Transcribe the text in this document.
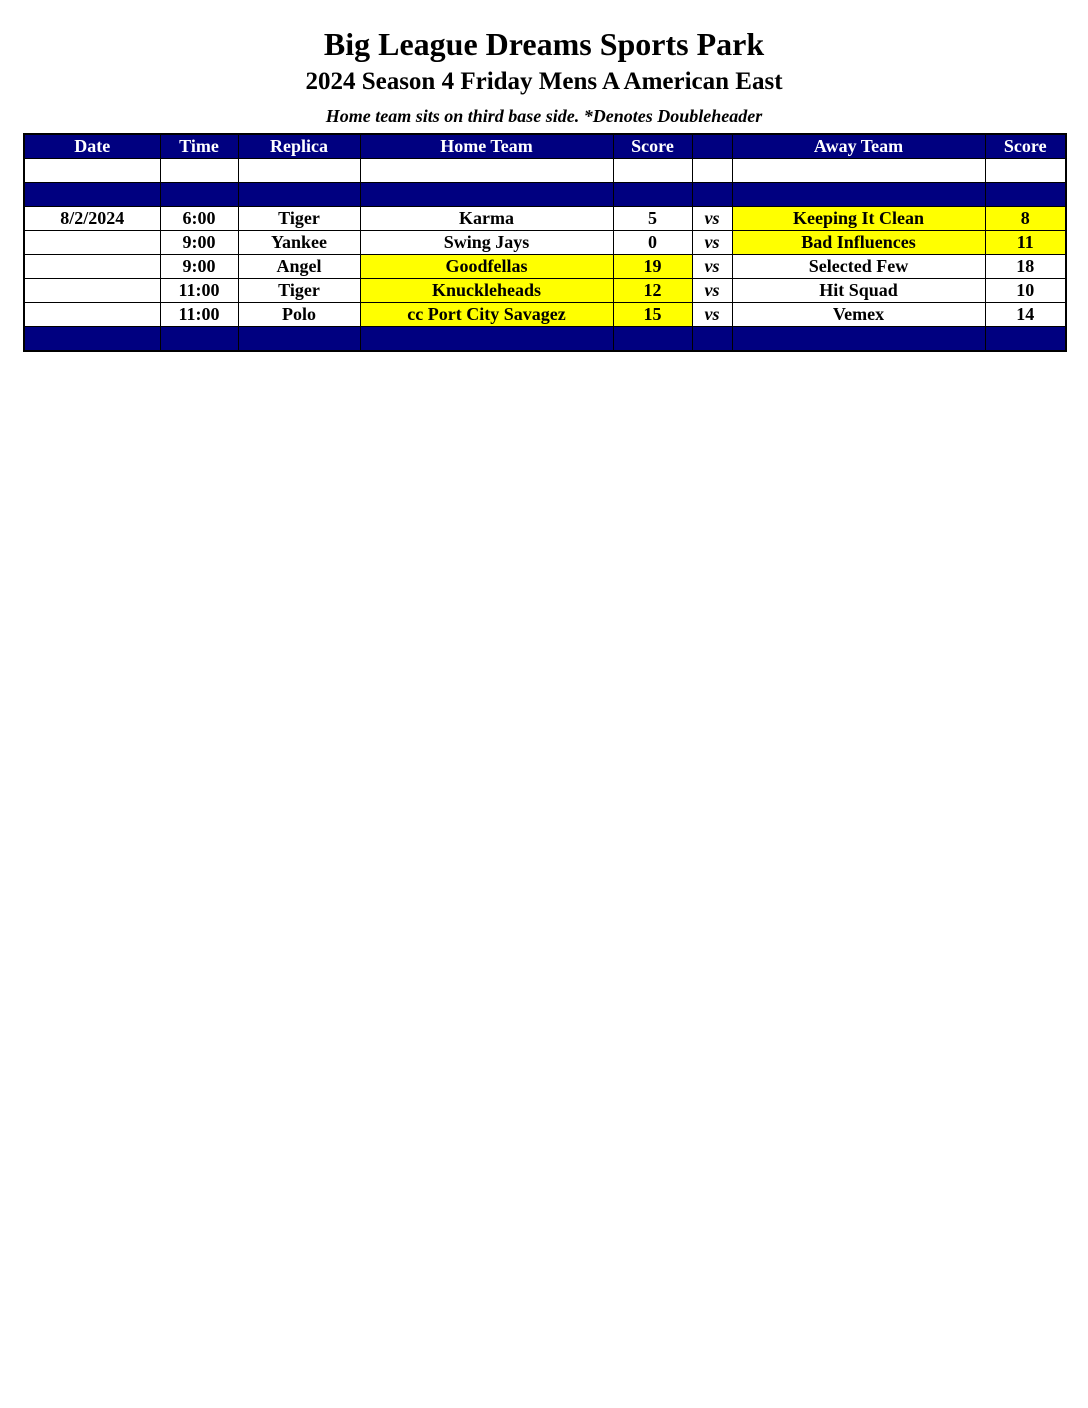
Big League Dreams Sports Park
2024 Season 4 Friday Mens A American East
Home team sits on third base side. *Denotes Doubleheader
Date	Time	Replica	Home Team	Score		Away Team	Score

8/2/2024	6:00	Tiger	Karma	5	vs	Keeping It Clean	8
	9:00	Yankee	Swing Jays	0	vs	Bad Influences	11
	9:00	Angel	Goodfellas	19	vs	Selected Few	18
	11:00	Tiger	Knuckleheads	12	vs	Hit Squad	10
	11:00	Polo	cc Port City Savagez	15	vs	Vemex	14
